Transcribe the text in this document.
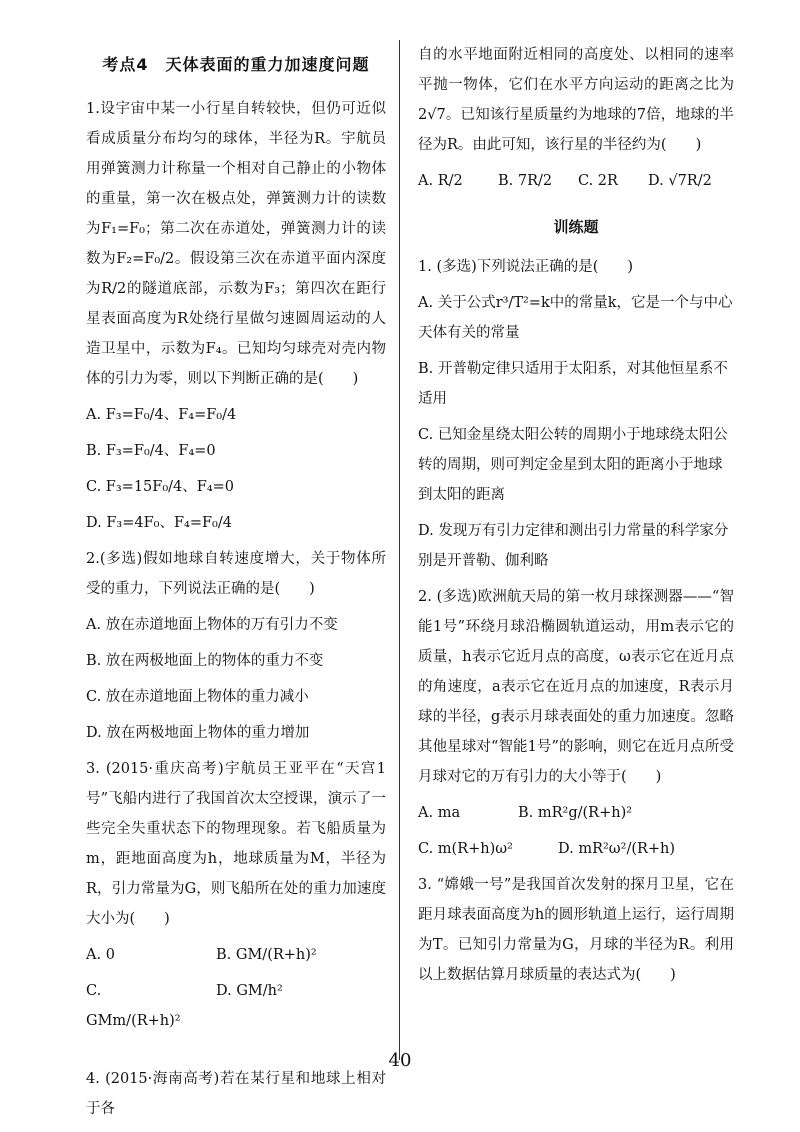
考点4　天体表面的重力加速度问题

1.设宇宙中某一小行星自转较快，但仍可近似看成质量分布均匀的球体，半径为R。宇航员用弹簧测力计称量一个相对自己静止的小物体的重量，第一次在极点处，弹簧测力计的读数为F₁=F₀；第二次在赤道处，弹簧测力计的读数为F₂=F₀/2。假设第三次在赤道平面内深度为R/2的隧道底部，示数为F₃；第四次在距行星表面高度为R处绕行星做匀速圆周运动的人造卫星中，示数为F₄。已知均匀球壳对壳内物体的引力为零，则以下判断正确的是(　　)

A. F₃=F₀/4、F₄=F₀/4

B. F₃=F₀/4、F₄=0

C. F₃=15F₀/4、F₄=0

D. F₃=4F₀、F₄=F₀/4

2.(多选)假如地球自转速度增大，关于物体所受的重力，下列说法正确的是(　　)

A. 放在赤道地面上物体的万有引力不变

B. 放在两极地面上的物体的重力不变

C. 放在赤道地面上物体的重力减小

D. 放在两极地面上物体的重力增加

3. (2015·重庆高考)宇航员王亚平在“天宫1号”飞船内进行了我国首次太空授课，演示了一些完全失重状态下的物理现象。若飞船质量为m，距地面高度为h，地球质量为M，半径为R，引力常量为G，则飞船所在处的重力加速度大小为(　　)

A. 0	B. GM/(R+h)²
C. GMm/(R+h)²
D. GM/h²

4. (2015·海南高考)若在某行星和地球上相对于各

自的水平地面附近相同的高度处、以相同的速率平抛一物体，它们在水平方向运动的距离之比为2√7。已知该行星质量约为地球的7倍，地球的半径为R。由此可知，该行星的半径约为(　　)

A. R/2	B. 7R/2	C. 2R	D. √7R/2
训练题

1. (多选)下列说法正确的是(　　)

A. 关于公式r³/T²=k中的常量k，它是一个与中心天体有关的常量

B. 开普勒定律只适用于太阳系，对其他恒星系不适用

C. 已知金星绕太阳公转的周期小于地球绕太阳公转的周期，则可判定金星到太阳的距离小于地球到太阳的距离

D. 发现万有引力定律和测出引力常量的科学家分别是开普勒、伽利略

2. (多选)欧洲航天局的第一枚月球探测器——“智能1号”环绕月球沿椭圆轨道运动，用m表示它的质量，h表示它近月点的高度，ω表示它在近月点的角速度，a表示它在近月点的加速度，R表示月球的半径，g表示月球表面处的重力加速度。忽略其他星球对“智能1号”的影响，则它在近月点所受月球对它的万有引力的大小等于(　　)

A. ma	B. mR²g/(R+h)²
C. m(R+h)ω²	D. mR²ω²/(R+h)

3. “嫦娥一号”是我国首次发射的探月卫星，它在距月球表面高度为h的圆形轨道上运行，运行周期为T。已知引力常量为G，月球的半径为R。利用以上数据估算月球质量的表达式为(　　)

40
